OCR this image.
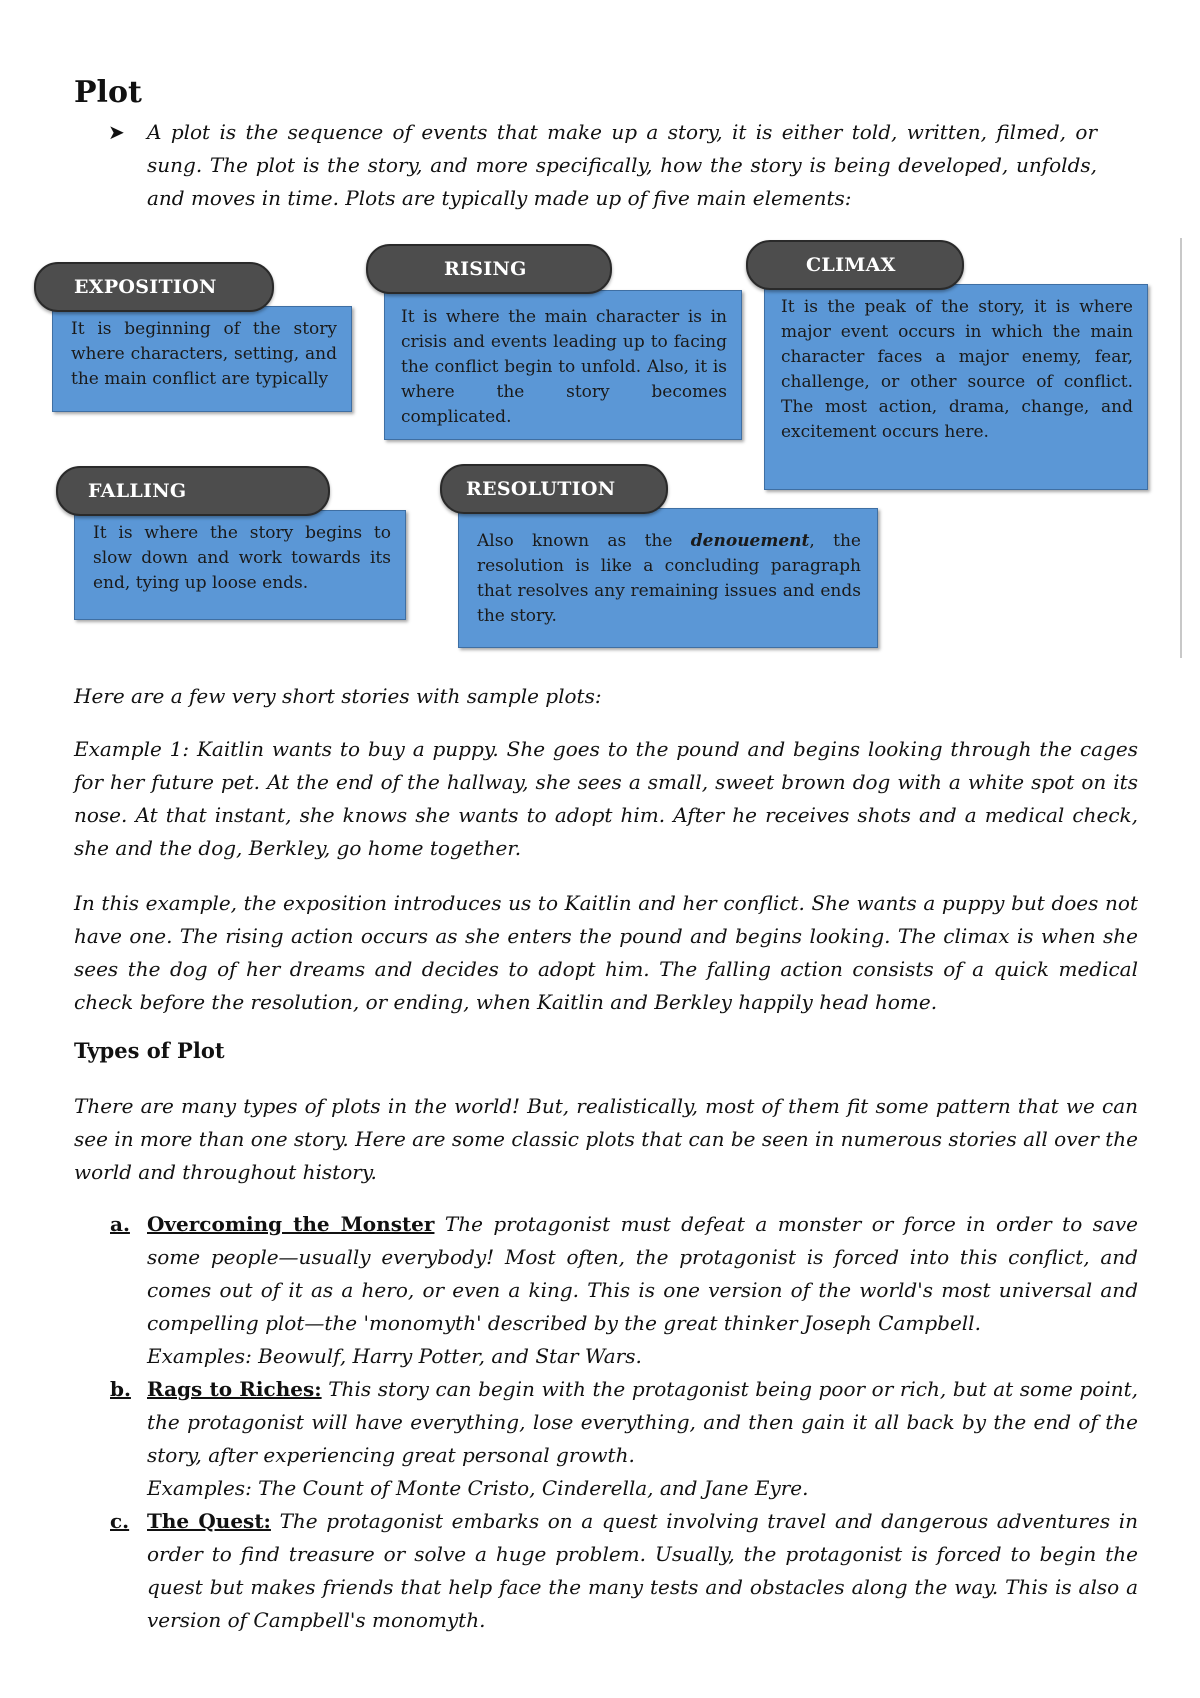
Plot
➤ A plot is the sequence of events that make up a story, it is either told, written, filmed, or sung. The plot is the story, and more specifically, how the story is being developed, unfolds, and moves in time. Plots are typically made up of five main elements:
It is beginning of the story where characters, setting, and the main conflict are typically
EXPOSITION
It is where the main character is in crisis and events leading up to facing the conflict begin to unfold. Also, it is where the story becomes complicated.
RISING
It is the peak of the story, it is where major event occurs in which the main character faces a major enemy, fear, challenge, or other source of conflict. The most action, drama, change, and excitement occurs here.
CLIMAX
It is where the story begins to slow down and work towards its end, tying up loose ends.
FALLING
Also known as the denouement, the resolution is like a concluding paragraph that resolves any remaining issues and ends the story.
RESOLUTION
Here are a few very short stories with sample plots:
Example 1: Kaitlin wants to buy a puppy. She goes to the pound and begins looking through the cages for her future pet. At the end of the hallway, she sees a small, sweet brown dog with a white spot on its nose. At that instant, she knows she wants to adopt him. After he receives shots and a medical check, she and the dog, Berkley, go home together.
In this example, the exposition introduces us to Kaitlin and her conflict. She wants a puppy but does not have one. The rising action occurs as she enters the pound and begins looking. The climax is when she sees the dog of her dreams and decides to adopt him. The falling action consists of a quick medical check before the resolution, or ending, when Kaitlin and Berkley happily head home.
Types of Plot
There are many types of plots in the world! But, realistically, most of them fit some pattern that we can see in more than one story. Here are some classic plots that can be seen in numerous stories all over the world and throughout history.
a. Overcoming the Monster The protagonist must defeat a monster or force in order to save some people—usually everybody! Most often, the protagonist is forced into this conflict, and comes out of it as a hero, or even a king. This is one version of the world's most universal and compelling plot—the 'monomyth' described by the great thinker Joseph Campbell.
Examples: Beowulf, Harry Potter, and Star Wars.
b. Rags to Riches: This story can begin with the protagonist being poor or rich, but at some point, the protagonist will have everything, lose everything, and then gain it all back by the end of the story, after experiencing great personal growth.
Examples: The Count of Monte Cristo, Cinderella, and Jane Eyre.
c. The Quest: The protagonist embarks on a quest involving travel and dangerous adventures in order to find treasure or solve a huge problem. Usually, the protagonist is forced to begin the quest but makes friends that help face the many tests and obstacles along the way. This is also a version of Campbell's monomyth.
